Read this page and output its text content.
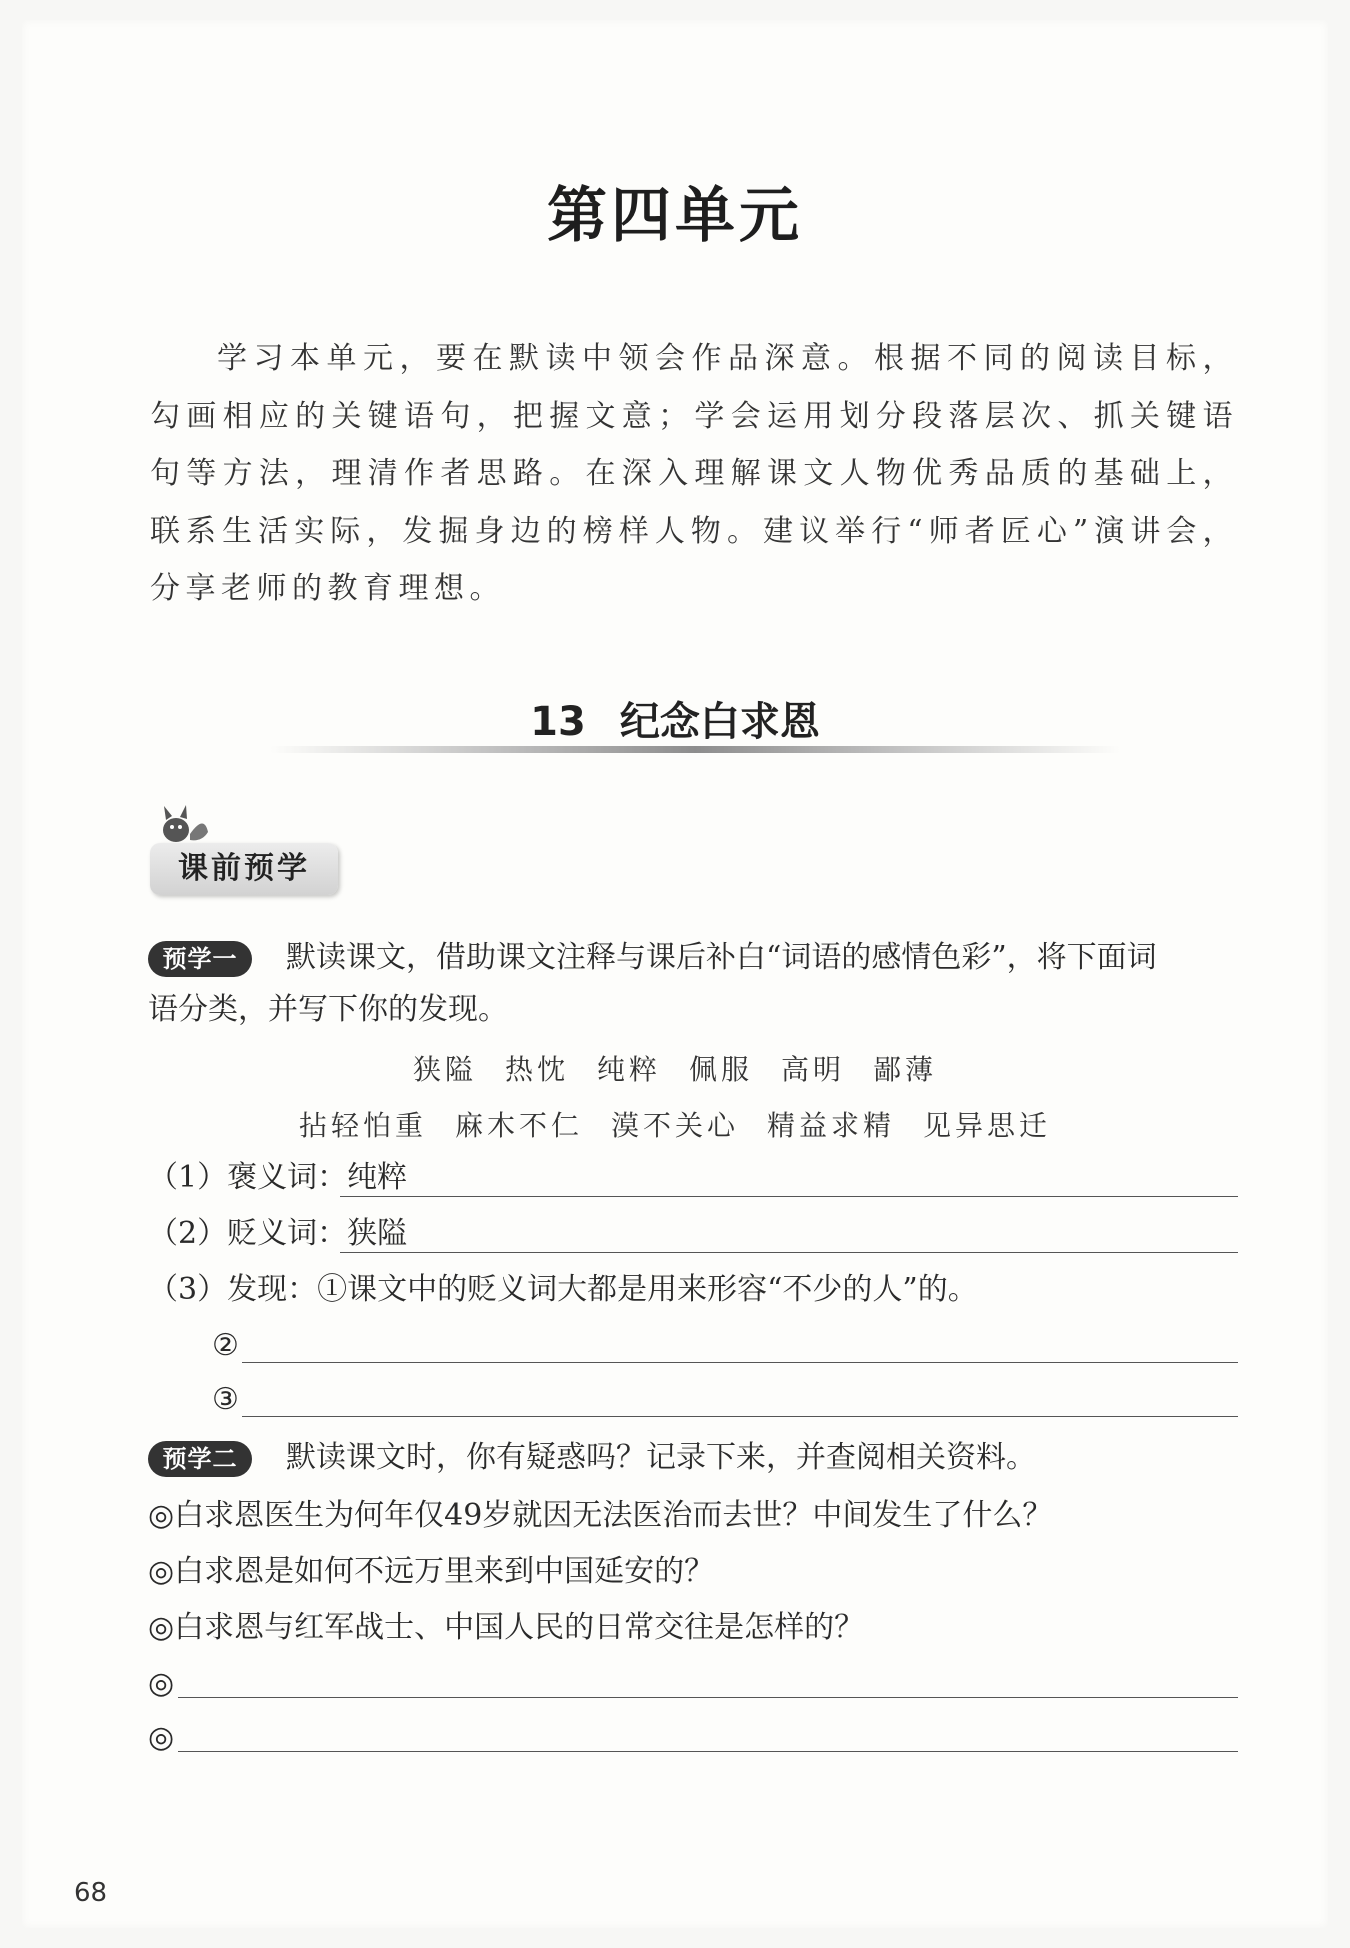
第四单元

学习本单元，要在默读中领会作品深意。根据不同的阅读目标，勾画相应的关键语句，把握文意；学会运用划分段落层次、抓关键语句等方法，理清作者思路。在深入理解课文人物优秀品质的基础上，联系生活实际，发掘身边的榜样人物。建议举行“师者匠心”演讲会，分享老师的教育理想。

13 纪念白求恩
课前预学
预学一 默读课文，借助课文注释与课后补白“词语的感情色彩”，将下面词
语分类，并写下你的发现。
狭隘 热忱 纯粹 佩服 高明 鄙薄
拈轻怕重 麻木不仁 漠不关心 精益求精 见异思迁
（1）褒义词：纯粹
（2）贬义词：狭隘
（3）发现：①课文中的贬义词大都是用来形容“不少的人”的。
②
③
预学二 默读课文时，你有疑惑吗？记录下来，并查阅相关资料。
◎白求恩医生为何年仅49岁就因无法医治而去世？中间发生了什么？
◎白求恩是如何不远万里来到中国延安的？
◎白求恩与红军战士、中国人民的日常交往是怎样的？
◎
◎
68
